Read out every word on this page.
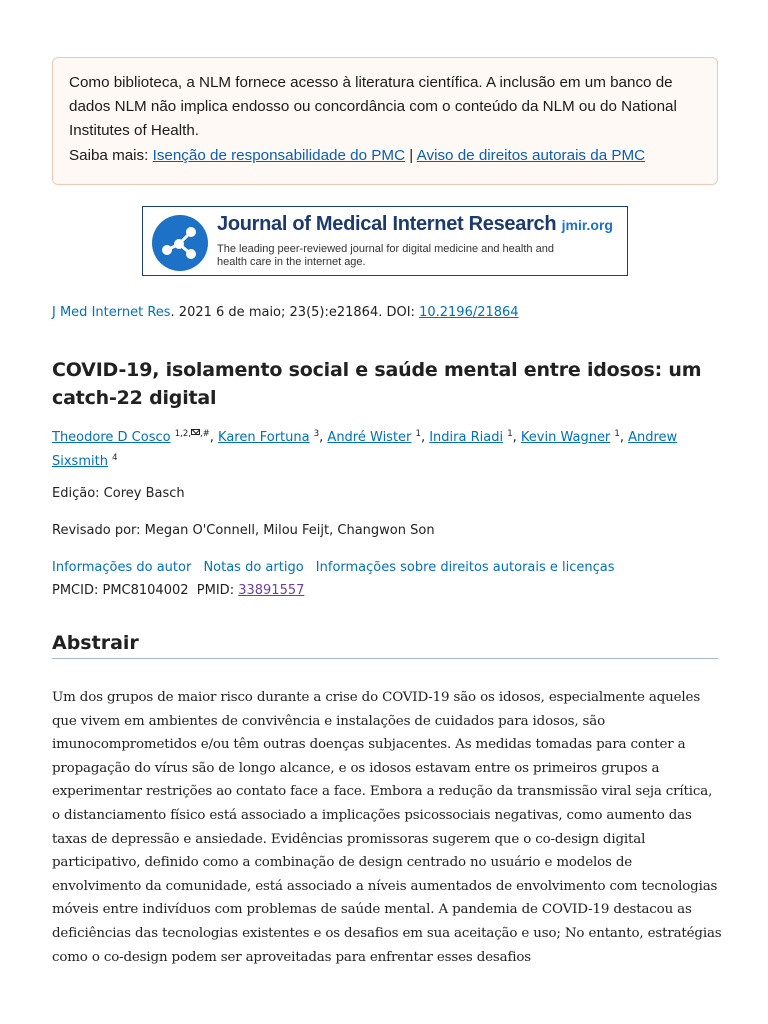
Como biblioteca, a NLM fornece acesso à literatura científica. A inclusão em um banco de dados NLM não implica endosso ou concordância com o conteúdo da NLM ou do National Institutes of Health.
Saiba mais: Isenção de responsabilidade do PMC | Aviso de direitos autorais da PMC
Journal of Medical Internet Research jmir.org
The leading peer-reviewed journal for digital medicine and health and health care in the internet age.
J Med Internet Res. 2021 6 de maio; 23(5):e21864. DOI: 10.2196/21864
COVID-19, isolamento social e saúde mental entre idosos: um catch-22 digital
Theodore D Cosco $^{1,2, ,\#}$, Karen Fortuna $^3$, André Wister $^1$, Indira Riadi $^1$, Kevin Wagner $^1$, Andrew Sixsmith $^4$
Edição: Corey Basch
Revisado por: Megan O'Connell, Milou Feijt, Changwon Son
Informações do autor Notas do artigo Informações sobre direitos autorais e licenças
PMCID: PMC8104002 PMID: 33891557
Abstrair

Um dos grupos de maior risco durante a crise do COVID-19 são os idosos, especialmente aqueles que vivem em ambientes de convivência e instalações de cuidados para idosos, são imunocomprometidos e/ou têm outras doenças subjacentes. As medidas tomadas para conter a propagação do vírus são de longo alcance, e os idosos estavam entre os primeiros grupos a experimentar restrições ao contato face a face. Embora a redução da transmissão viral seja crítica, o distanciamento físico está associado a implicações psicossociais negativas, como aumento das taxas de depressão e ansiedade. Evidências promissoras sugerem que o co-design digital participativo, definido como a combinação de design centrado no usuário e modelos de envolvimento da comunidade, está associado a níveis aumentados de envolvimento com tecnologias móveis entre indivíduos com problemas de saúde mental. A pandemia de COVID-19 destacou as deficiências das tecnologias existentes e os desafios em sua aceitação e uso; No entanto, estratégias como o co-design podem ser aproveitadas para enfrentar esses desafios
